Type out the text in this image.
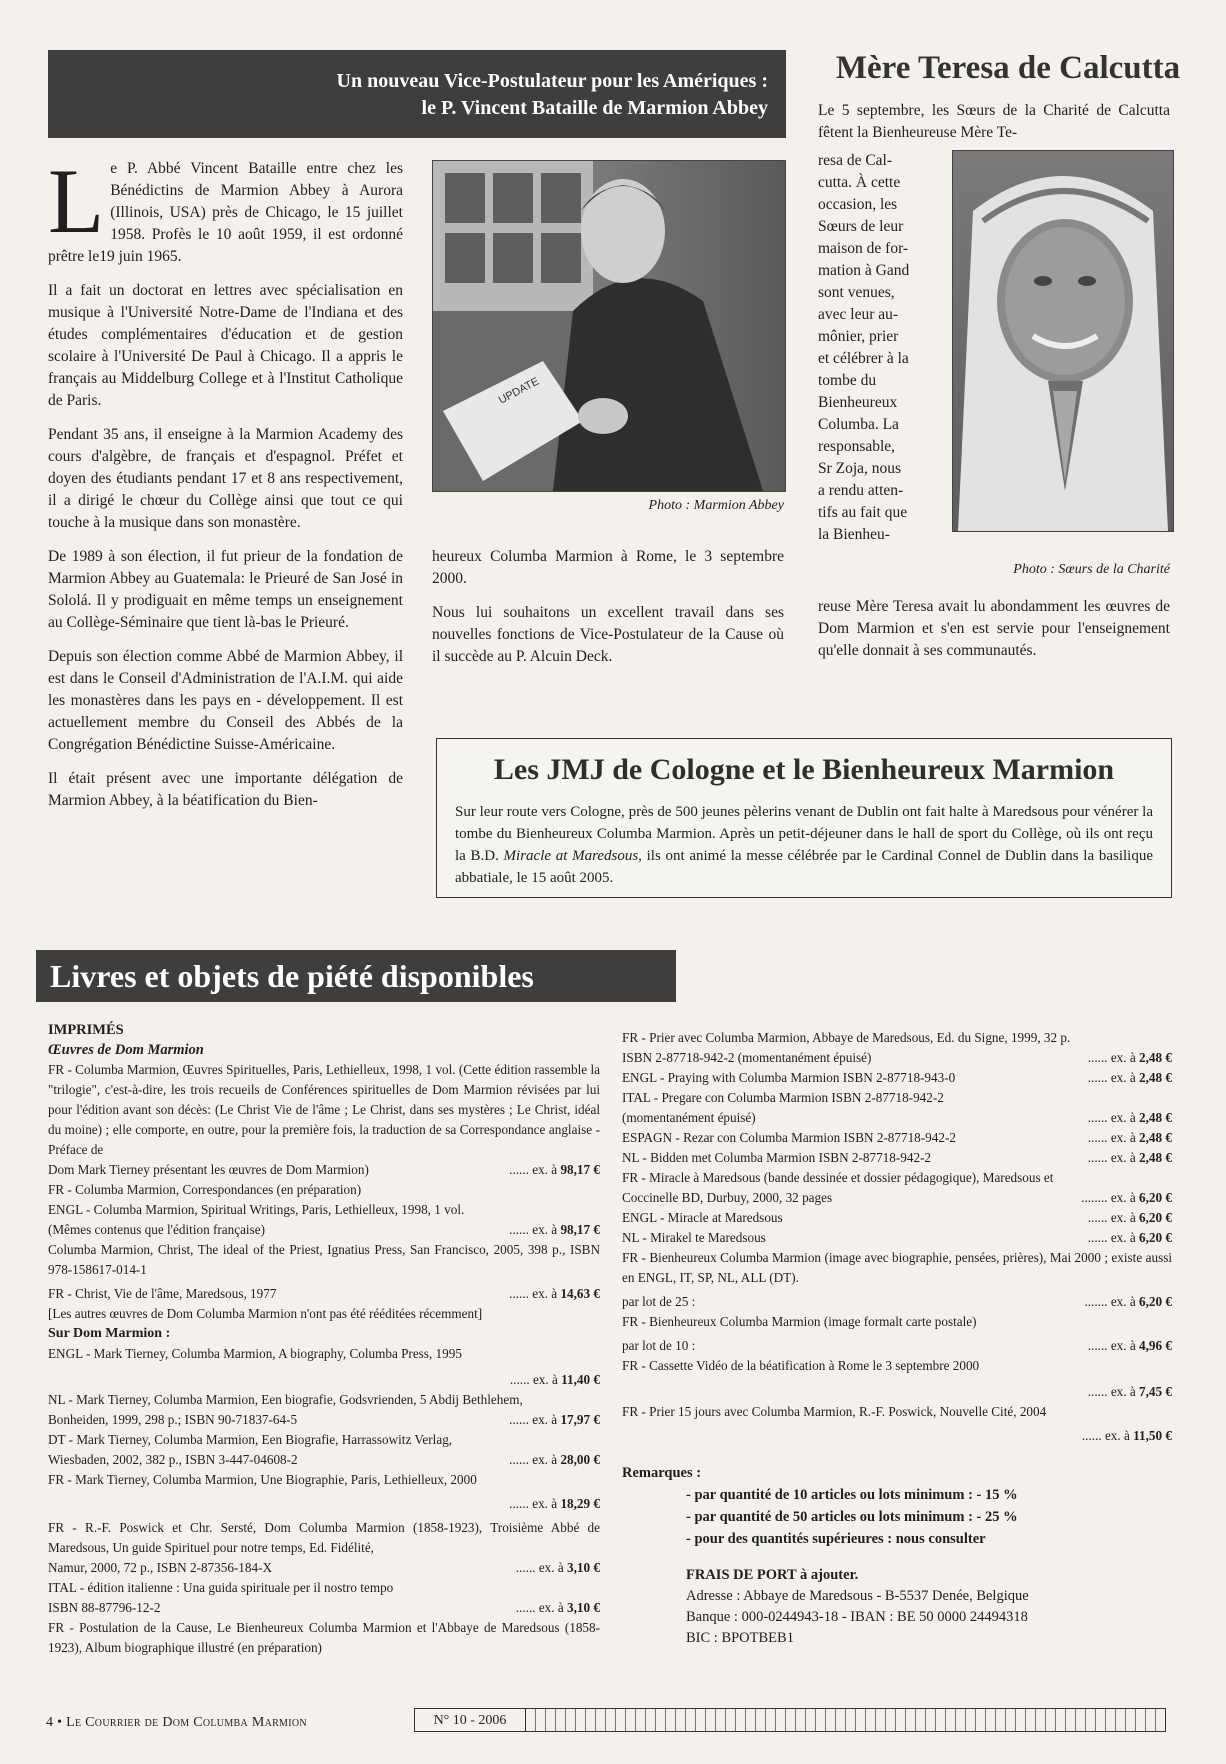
Un nouveau Vice-Postulateur pour les Amériques :
le P. Vincent Bataille de Marmion Abbey

Le P. Abbé Vincent Bataille entre chez les Bénédictins de Marmion Abbey à Aurora (Illinois, USA) près de Chicago, le 15 juillet 1958. Profès le 10 août 1959, il est ordonné prêtre le19 juin 1965.

Il a fait un doctorat en lettres avec spécialisation en musique à l'Université Notre-Dame de l'Indiana et des études complémentaires d'éducation et de gestion scolaire à l'Université De Paul à Chicago. Il a appris le français au Middelburg College et à l'Institut Catholique de Paris.

Pendant 35 ans, il enseigne à la Marmion Academy des cours d'algèbre, de français et d'espagnol. Préfet et doyen des étudiants pendant 17 et 8 ans respectivement, il a dirigé le chœur du Collège ainsi que tout ce qui touche à la musique dans son monastère.

De 1989 à son élection, il fut prieur de la fondation de Marmion Abbey au Guatemala: le Prieuré de San José in Sololá. Il y prodiguait en même temps un enseignement au Collège-Séminaire que tient là-bas le Prieuré.

Depuis son élection comme Abbé de Marmion Abbey, il est dans le Conseil d'Administration de l'A.I.M. qui aide les monastères dans les pays en - développement. Il est actuellement membre du Conseil des Abbés de la Congrégation Bénédictine Suisse-Américaine.

Il était présent avec une importante délégation de Marmion Abbey, à la béatification du Bien-

UPDATE
Photo : Marmion Abbey

heureux Columba Marmion à Rome, le 3 septembre 2000.

Nous lui souhaitons un excellent travail dans ses nouvelles fonctions de Vice-Postulateur de la Cause où il succède au P. Alcuin Deck.

Mère Teresa de Calcutta
Le 5 septembre, les Sœurs de la Charité de Calcutta fêtent la Bienheureuse Mère Te-
resa de Cal-
cutta. À cette
occasion, les
Sœurs de leur
maison de for-
mation à Gand
sont venues,
avec leur au-
mônier, prier
et célébrer à la
tombe du
Bienheureux
Columba. La
responsable,
Sr Zoja, nous
a rendu atten-
tifs au fait que
la Bienheu-
Photo : Sœurs de la Charité
reuse Mère Teresa avait lu abondamment les œuvres de Dom Marmion et s'en est servie pour l'enseignement qu'elle donnait à ses communautés.
Les JMJ de Cologne et le Bienheureux Marmion

Sur leur route vers Cologne, près de 500 jeunes pèlerins venant de Dublin ont fait halte à Maredsous pour vénérer la tombe du Bienheureux Columba Marmion. Après un petit-déjeuner dans le hall de sport du Collège, où ils ont reçu la B.D. Miracle at Maredsous, ils ont animé la messe célébrée par le Cardinal Connel de Dublin dans la basilique abbatiale, le 15 août 2005.

Livres et objets de piété disponibles
IMPRIMÉS
Œuvres de Dom Marmion
FR - Columba Marmion, Œuvres Spirituelles, Paris, Lethielleux, 1998, 1 vol. (Cette édition rassemble la "trilogie", c'est-à-dire, les trois recueils de Conférences spirituelles de Dom Marmion révisées par lui pour l'édition avant son décès: (Le Christ Vie de l'âme ; Le Christ, dans ses mystères ; Le Christ, idéal du moine) ; elle comporte, en outre, pour la première fois, la traduction de sa Correspondance anglaise - Préface de
Dom Mark Tierney présentant les œuvres de Dom Marmion)	...... ex. à 98,17 €
FR - Columba Marmion, Correspondances (en préparation)
ENGL - Columba Marmion, Spiritual Writings, Paris, Lethielleux, 1998, 1 vol.
(Mêmes contenus que l'édition française)	...... ex. à 98,17 €
Columba Marmion, Christ, The ideal of the Priest, Ignatius Press, San Francisco, 2005, 398 p., ISBN 978-158617-014-1
FR - Christ, Vie de l'âme, Maredsous, 1977	...... ex. à 14,63 €
[Les autres œuvres de Dom Columba Marmion n'ont pas été rééditées récemment]
Sur Dom Marmion :
ENGL - Mark Tierney, Columba Marmion, A biography, Columba Press, 1995
...... ex. à 11,40 €
NL - Mark Tierney, Columba Marmion, Een biografie, Godsvrienden, 5 Abdij Bethlehem,
Bonheiden, 1999, 298 p.; ISBN 90-71837-64-5	...... ex. à 17,97 €
DT - Mark Tierney, Columba Marmion, Een Biografie, Harrassowitz Verlag,
Wiesbaden, 2002, 382 p., ISBN 3-447-04608-2	...... ex. à 28,00 €
FR - Mark Tierney, Columba Marmion, Une Biographie, Paris, Lethielleux, 2000
...... ex. à 18,29 €
FR - R.-F. Poswick et Chr. Sersté, Dom Columba Marmion (1858-1923), Troisième Abbé de Maredsous, Un guide Spirituel pour notre temps, Ed. Fidélité,
Namur, 2000, 72 p., ISBN 2-87356-184-X	...... ex. à 3,10 €
ITAL - édition italienne : Una guida spirituale per il nostro tempo
ISBN 88-87796-12-2	...... ex. à 3,10 €
FR - Postulation de la Cause, Le Bienheureux Columba Marmion et l'Abbaye de Maredsous (1858-1923), Album biographique illustré (en préparation)
FR - Prier avec Columba Marmion, Abbaye de Maredsous, Ed. du Signe, 1999, 32 p.
ISBN 2-87718-942-2 (momentanément épuisé)	...... ex. à 2,48 €
ENGL - Praying with Columba Marmion ISBN 2-87718-943-0	...... ex. à 2,48 €
ITAL - Pregare con Columba Marmion ISBN 2-87718-942-2
(momentanément épuisé)	...... ex. à 2,48 €
ESPAGN - Rezar con Columba Marmion ISBN 2-87718-942-2	...... ex. à 2,48 €
NL - Bidden met Columba Marmion ISBN 2-87718-942-2	...... ex. à 2,48 €
FR - Miracle à Maredsous (bande dessinée et dossier pédagogique), Maredsous et
Coccinelle BD, Durbuy, 2000, 32 pages	........ ex. à 6,20 €
ENGL - Miracle at Maredsous	...... ex. à 6,20 €
NL - Mirakel te Maredsous	...... ex. à 6,20 €
FR - Bienheureux Columba Marmion (image avec biographie, pensées, prières), Mai 2000 ; existe aussi en ENGL, IT, SP, NL, ALL (DT).
par lot de 25 :	....... ex. à 6,20 €
FR - Bienheureux Columba Marmion (image formalt carte postale)
par lot de 10 :	...... ex. à 4,96 €
FR - Cassette Vidéo de la béatification à Rome le 3 septembre 2000
...... ex. à 7,45 €
FR - Prier 15 jours avec Columba Marmion, R.-F. Poswick, Nouvelle Cité, 2004
...... ex. à 11,50 €
Remarques :
- par quantité de 10 articles ou lots minimum : - 15 %
- par quantité de 50 articles ou lots minimum : - 25 %
- pour des quantités supérieures : nous consulter
FRAIS DE PORT à ajouter.
Adresse : Abbaye de Maredsous - B-5537 Denée, Belgique
Banque : 000-0244943-18 - IBAN : BE 50 0000 24494318
BIC : BPOTBEB1
4 • Le Courrier de Dom Columba Marmion	N° 10 - 2006
